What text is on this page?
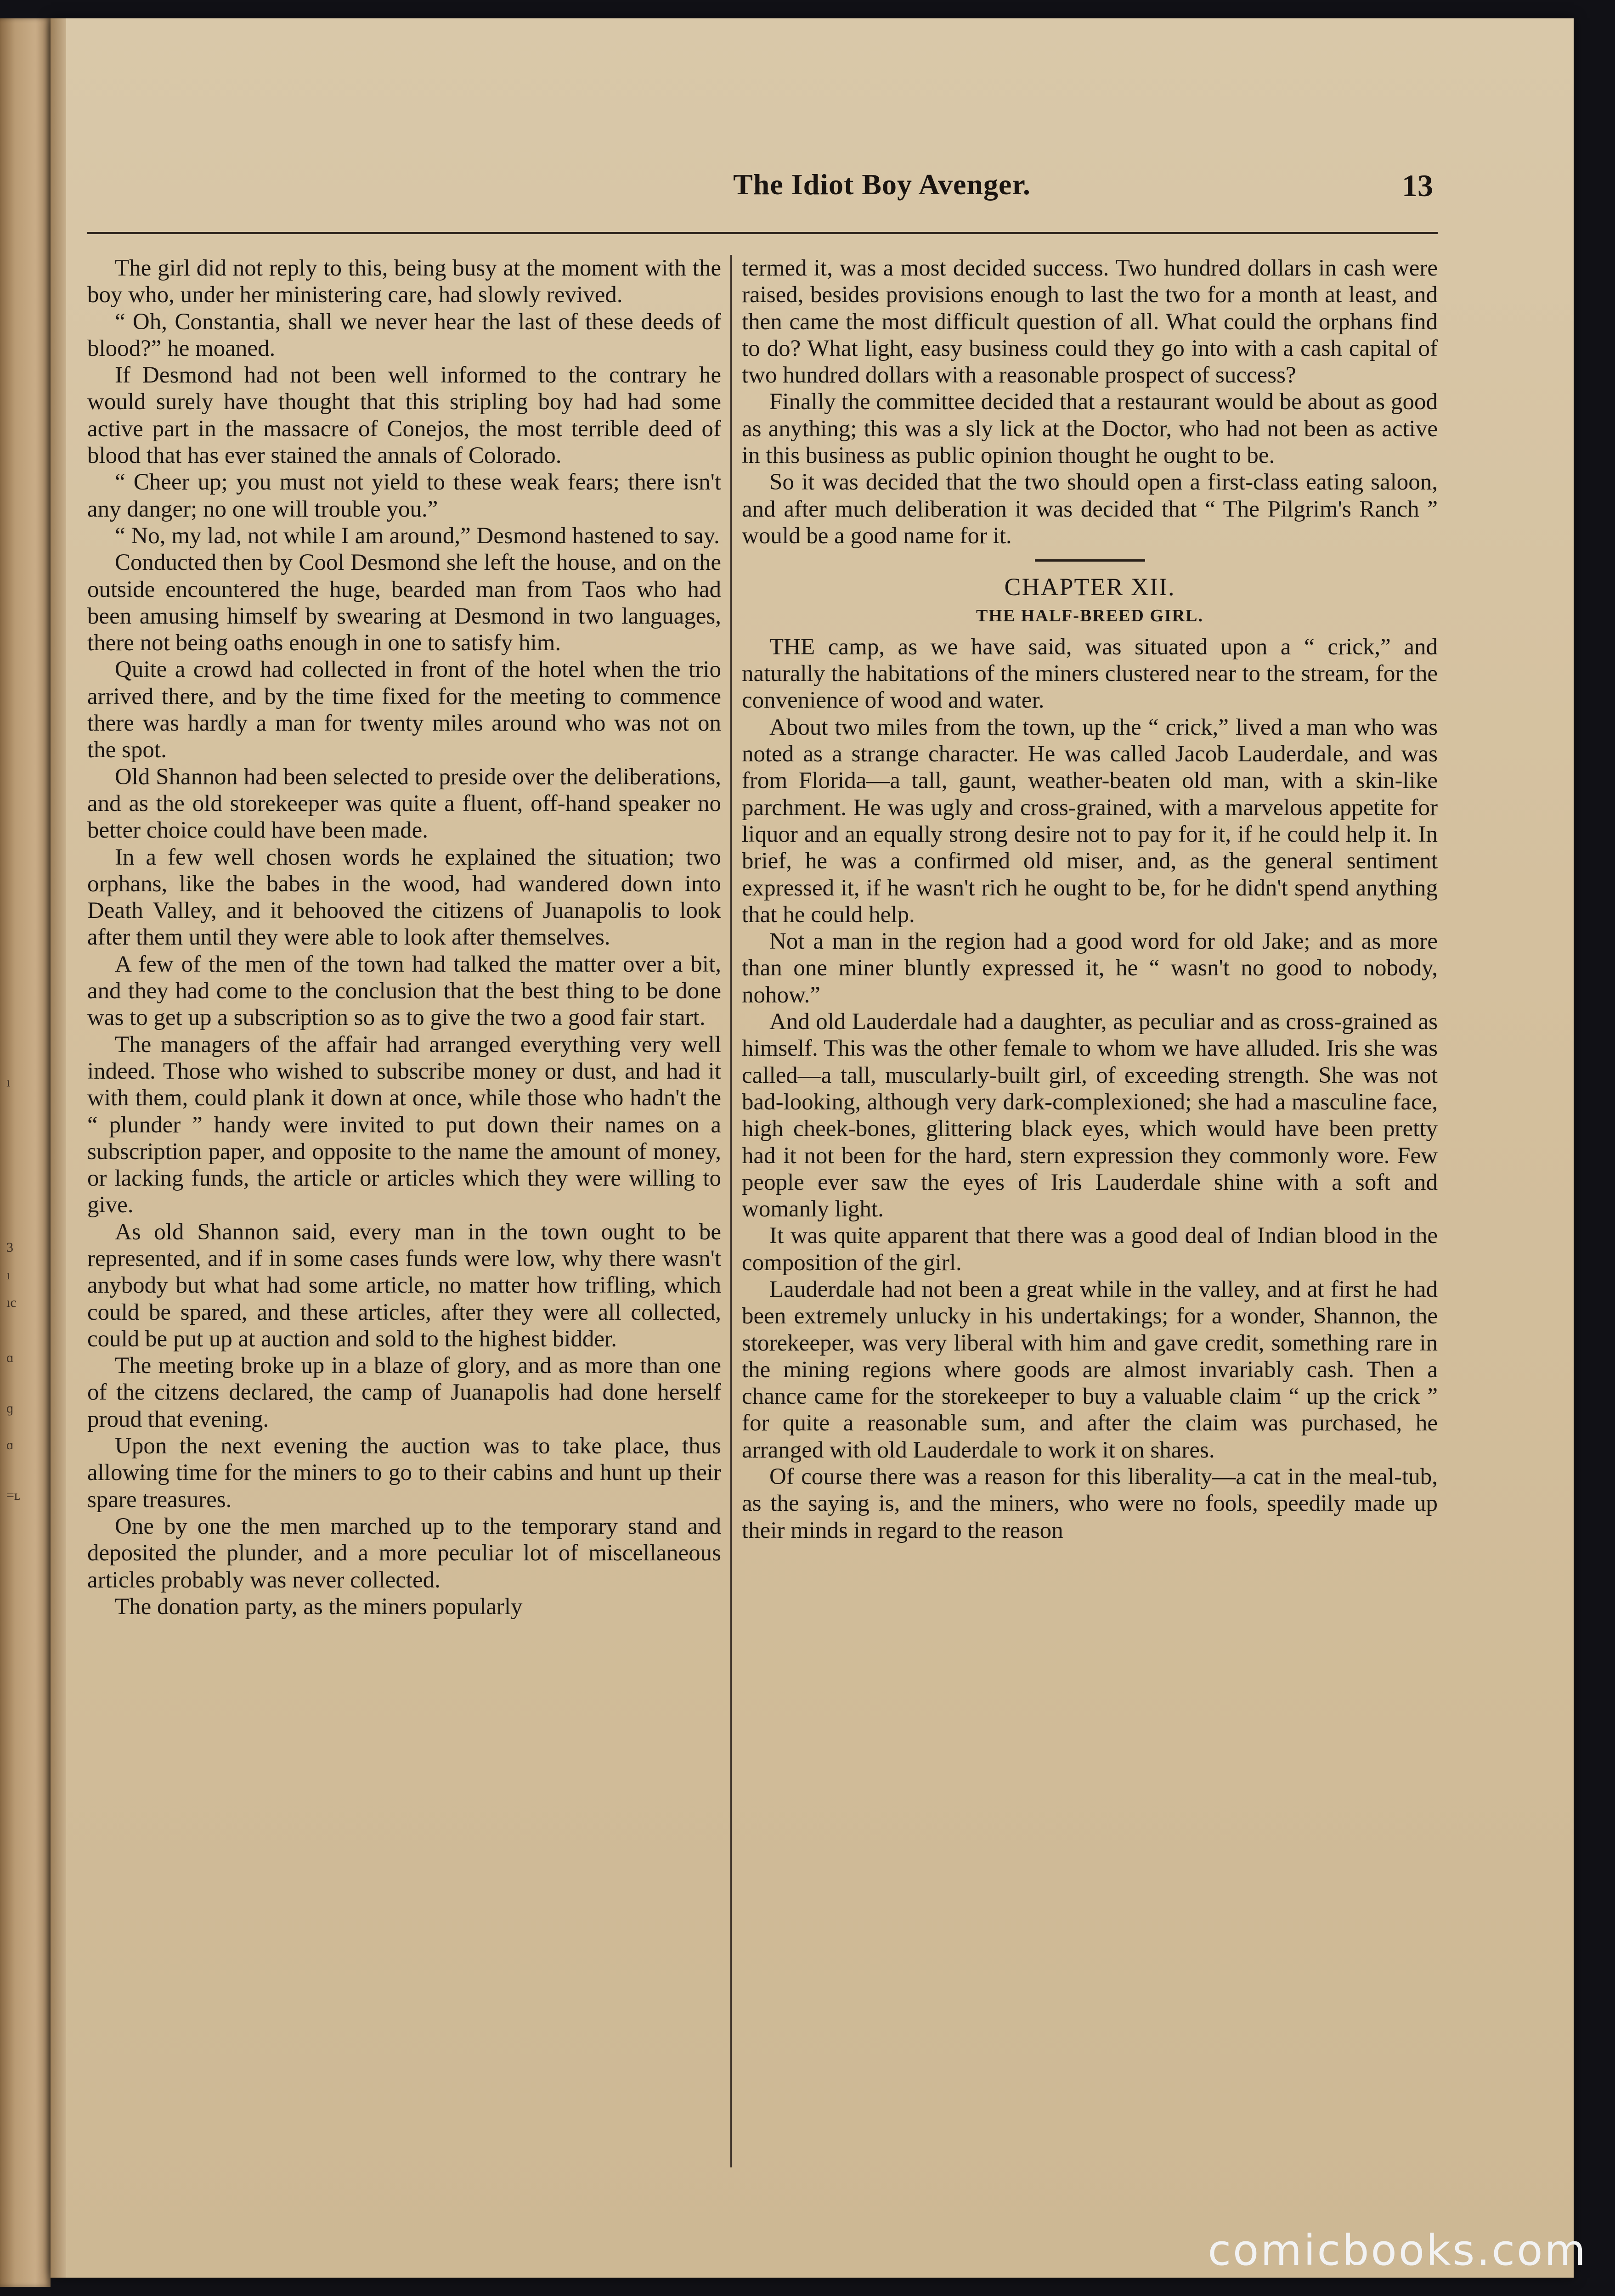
ı
3
ı
ıc
ɑ
ɡ
ɑ
=ʟ
The Idiot Boy Avenger.	13

The girl did not reply to this, being busy at the moment with the boy who, under her ministering care, had slowly revived.

“ Oh, Constantia, shall we never hear the last of these deeds of blood?” he moaned.

If Desmond had not been well informed to the contrary he would surely have thought that this stripling boy had had some active part in the massacre of Conejos, the most terrible deed of blood that has ever stained the annals of Colorado.

“ Cheer up; you must not yield to these weak fears; there isn't any danger; no one will trouble you.”

“ No, my lad, not while I am around,” Desmond hastened to say.

Conducted then by Cool Desmond she left the house, and on the outside encountered the huge, bearded man from Taos who had been amusing himself by swearing at Desmond in two languages, there not being oaths enough in one to satisfy him.

Quite a crowd had collected in front of the hotel when the trio arrived there, and by the time fixed for the meeting to commence there was hardly a man for twenty miles around who was not on the spot.

Old Shannon had been selected to preside over the deliberations, and as the old storekeeper was quite a fluent, off-hand speaker no better choice could have been made.

In a few well chosen words he explained the situation; two orphans, like the babes in the wood, had wandered down into Death Valley, and it behooved the citizens of Juanapolis to look after them until they were able to look after themselves.

A few of the men of the town had talked the matter over a bit, and they had come to the conclusion that the best thing to be done was to get up a subscription so as to give the two a good fair start.

The managers of the affair had arranged everything very well indeed. Those who wished to subscribe money or dust, and had it with them, could plank it down at once, while those who hadn't the “ plunder ” handy were invited to put down their names on a subscription paper, and opposite to the name the amount of money, or lacking funds, the article or articles which they were willing to give.

As old Shannon said, every man in the town ought to be represented, and if in some cases funds were low, why there wasn't anybody but what had some article, no matter how trifling, which could be spared, and these articles, after they were all collected, could be put up at auction and sold to the highest bidder.

The meeting broke up in a blaze of glory, and as more than one of the citzens declared, the camp of Juanapolis had done herself proud that evening.

Upon the next evening the auction was to take place, thus allowing time for the miners to go to their cabins and hunt up their spare treasures.

One by one the men marched up to the temporary stand and deposited the plunder, and a more peculiar lot of miscellaneous articles probably was never collected.

The donation party, as the miners popularly

termed it, was a most decided success. Two hundred dollars in cash were raised, besides provisions enough to last the two for a month at least, and then came the most difficult question of all. What could the orphans find to do? What light, easy business could they go into with a cash capital of two hundred dollars with a reasonable prospect of success?

Finally the committee decided that a restaurant would be about as good as anything; this was a sly lick at the Doctor, who had not been as active in this business as public opinion thought he ought to be.

So it was decided that the two should open a first-class eating saloon, and after much deliberation it was decided that “ The Pilgrim's Ranch ” would be a good name for it.

CHAPTER XII.
THE HALF-BREED GIRL.

THE camp, as we have said, was situated upon a “ crick,” and naturally the habitations of the miners clustered near to the stream, for the convenience of wood and water.

About two miles from the town, up the “ crick,” lived a man who was noted as a strange character. He was called Jacob Lauderdale, and was from Florida—a tall, gaunt, weather-beaten old man, with a skin-like parchment. He was ugly and cross-grained, with a marvelous appetite for liquor and an equally strong desire not to pay for it, if he could help it. In brief, he was a confirmed old miser, and, as the general sentiment expressed it, if he wasn't rich he ought to be, for he didn't spend anything that he could help.

Not a man in the region had a good word for old Jake; and as more than one miner bluntly expressed it, he “ wasn't no good to nobody, nohow.”

And old Lauderdale had a daughter, as peculiar and as cross-grained as himself. This was the other female to whom we have alluded. Iris she was called—a tall, muscularly-built girl, of exceeding strength. She was not bad-looking, although very dark-complexioned; she had a masculine face, high cheek-bones, glittering black eyes, which would have been pretty had it not been for the hard, stern expression they commonly wore. Few people ever saw the eyes of Iris Lauderdale shine with a soft and womanly light.

It was quite apparent that there was a good deal of Indian blood in the composition of the girl.

Lauderdale had not been a great while in the valley, and at first he had been extremely unlucky in his undertakings; for a wonder, Shannon, the storekeeper, was very liberal with him and gave credit, something rare in the mining regions where goods are almost invariably cash. Then a chance came for the storekeeper to buy a valuable claim “ up the crick ” for quite a reasonable sum, and after the claim was purchased, he arranged with old Lauderdale to work it on shares.

Of course there was a reason for this liberality—a cat in the meal-tub, as the saying is, and the miners, who were no fools, speedily made up their minds in regard to the reason

comicbooks.com
